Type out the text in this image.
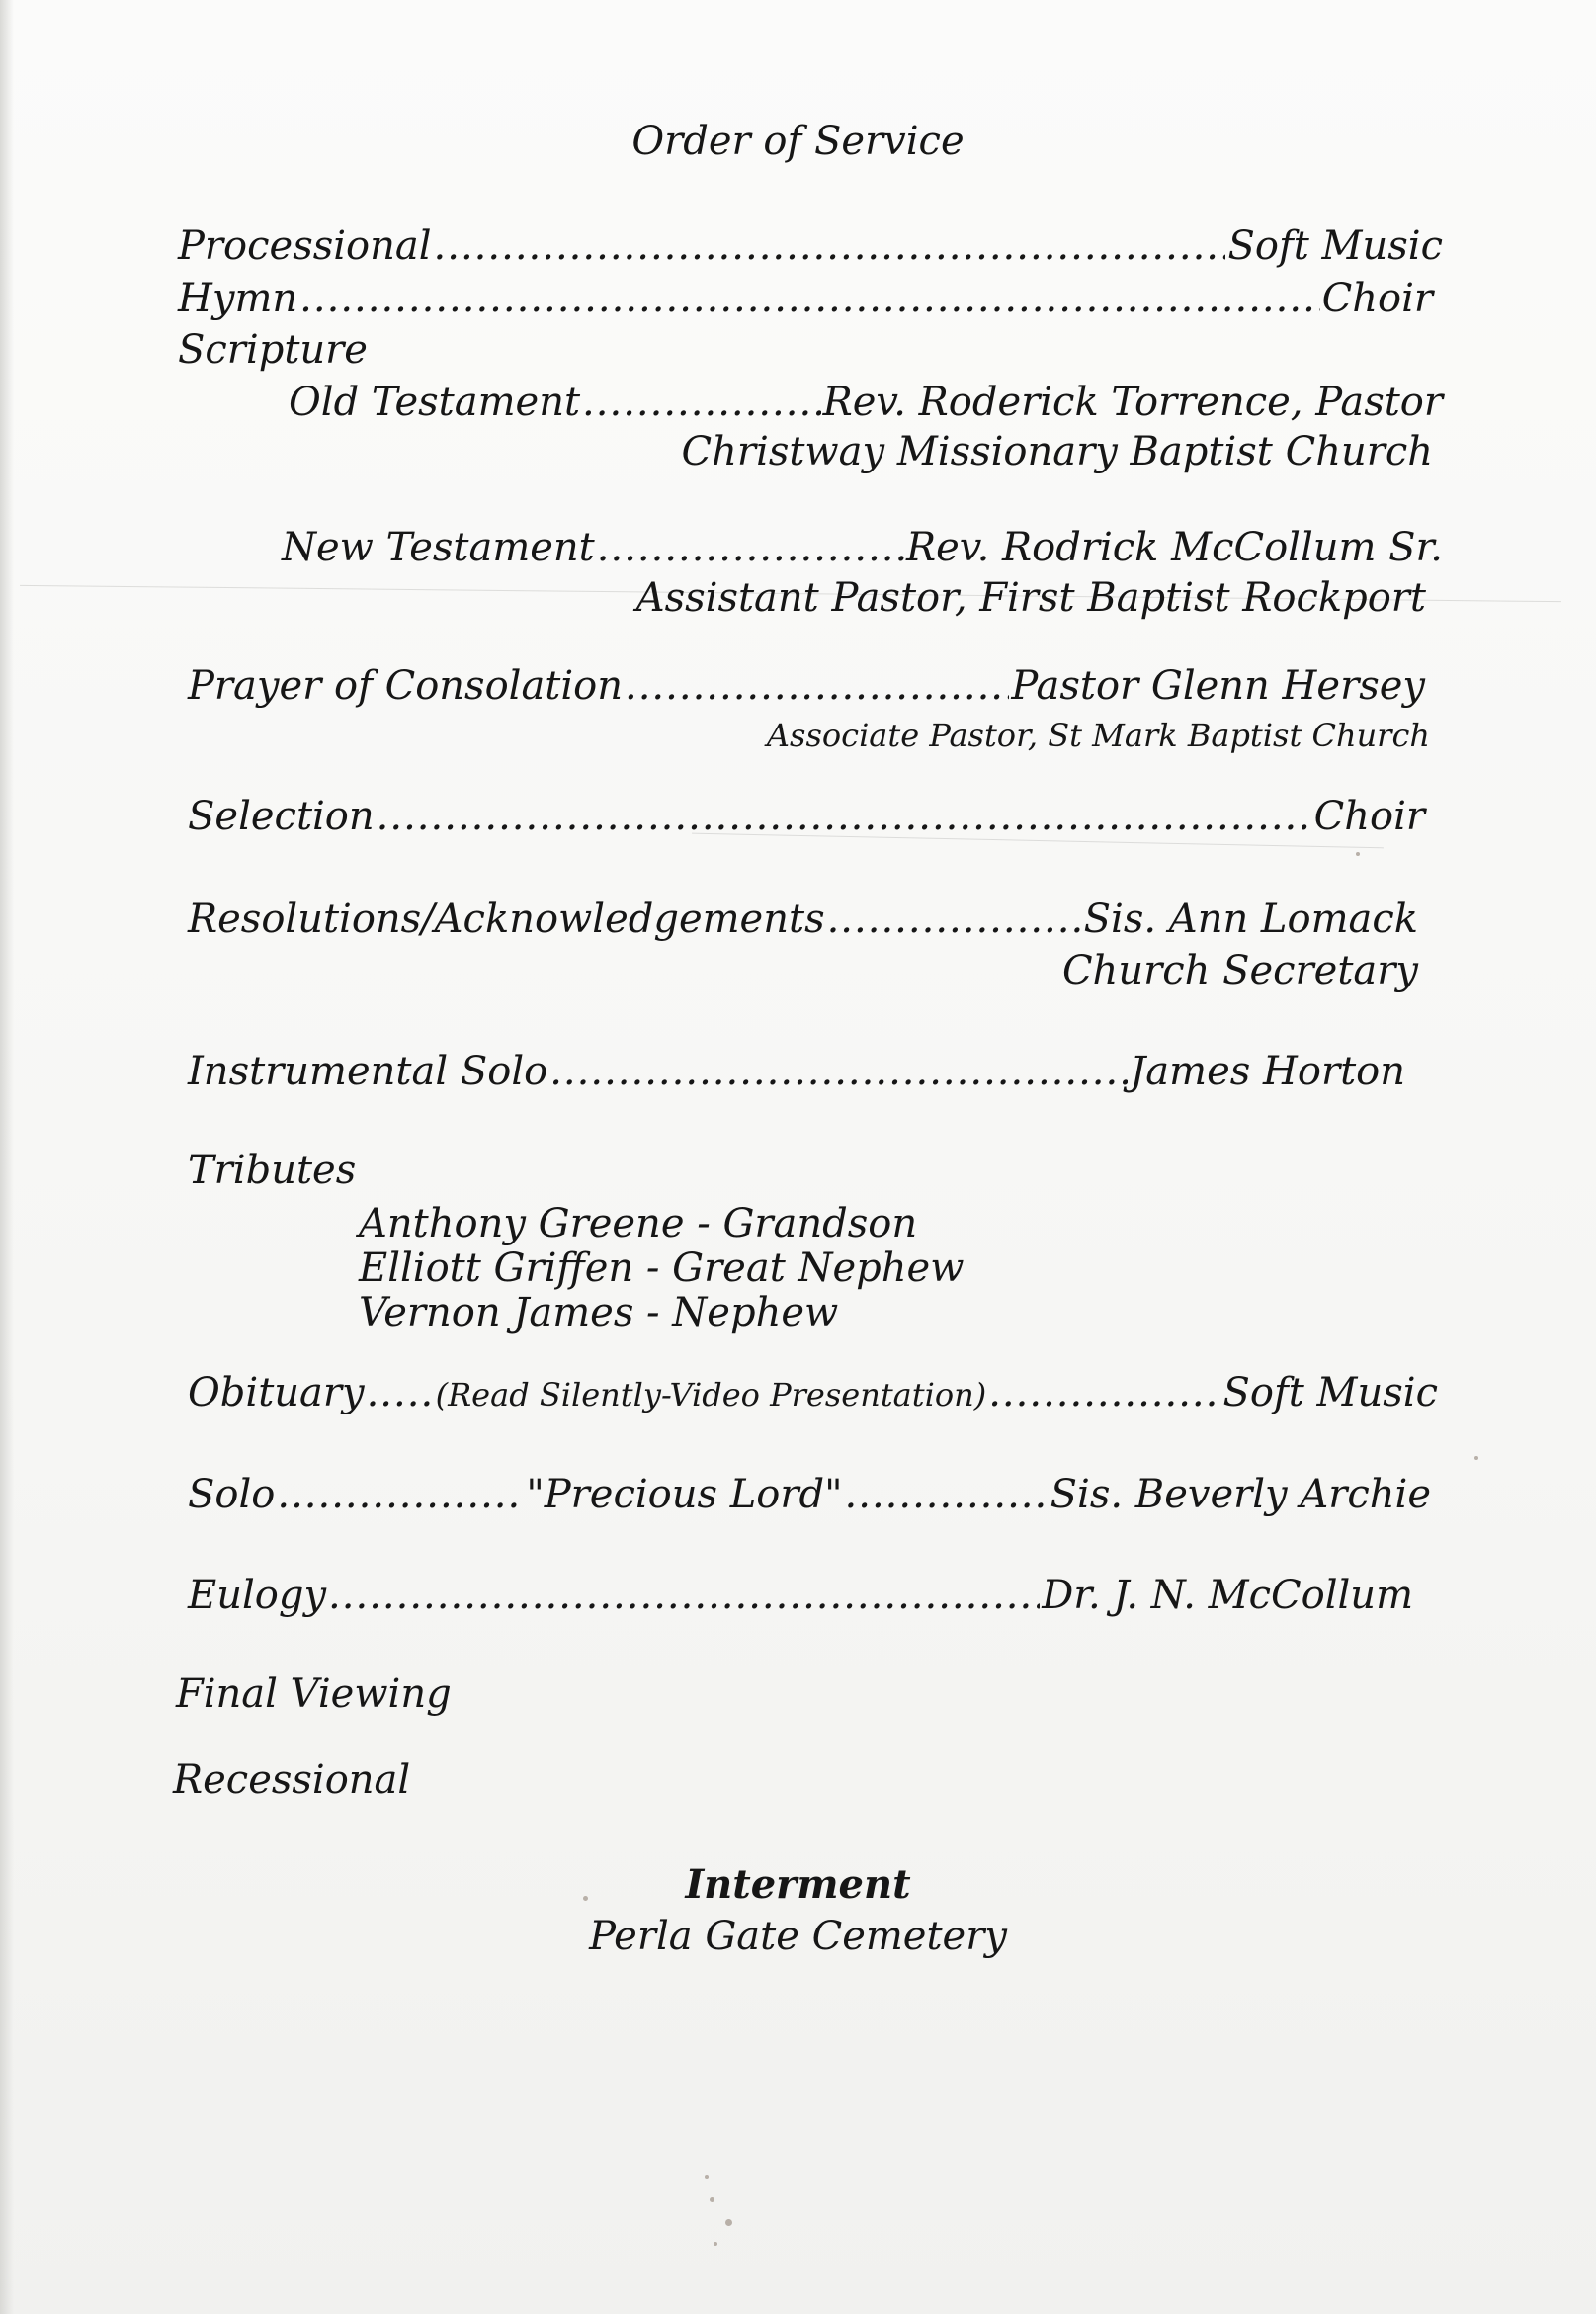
Order of Service
Processional .....	Soft Music
Hymn .....	Choir
Scripture
Old Testament .....	Rev. Roderick Torrence, Pastor
Christway Missionary Baptist Church
New Testament .....	Rev. Rodrick McCollum Sr.
Assistant Pastor, First Baptist Rockport
Prayer of Consolation .....	Pastor Glenn Hersey
Associate Pastor, St Mark Baptist Church
Selection .....	Choir
Resolutions/Acknowledgements .....	Sis. Ann Lomack
Church Secretary
Instrumental Solo .....	James Horton
Tributes
Anthony Greene - Grandson
Elliott Griffen - Great Nephew
Vernon James - Nephew
Obituary ..... (Read Silently-Video Presentation) .....	Soft Music
Solo .....	"Precious Lord" .....	Sis. Beverly Archie
Eulogy .....	Dr. J. N. McCollum
Final Viewing
Recessional
Interment
Perla Gate Cemetery
